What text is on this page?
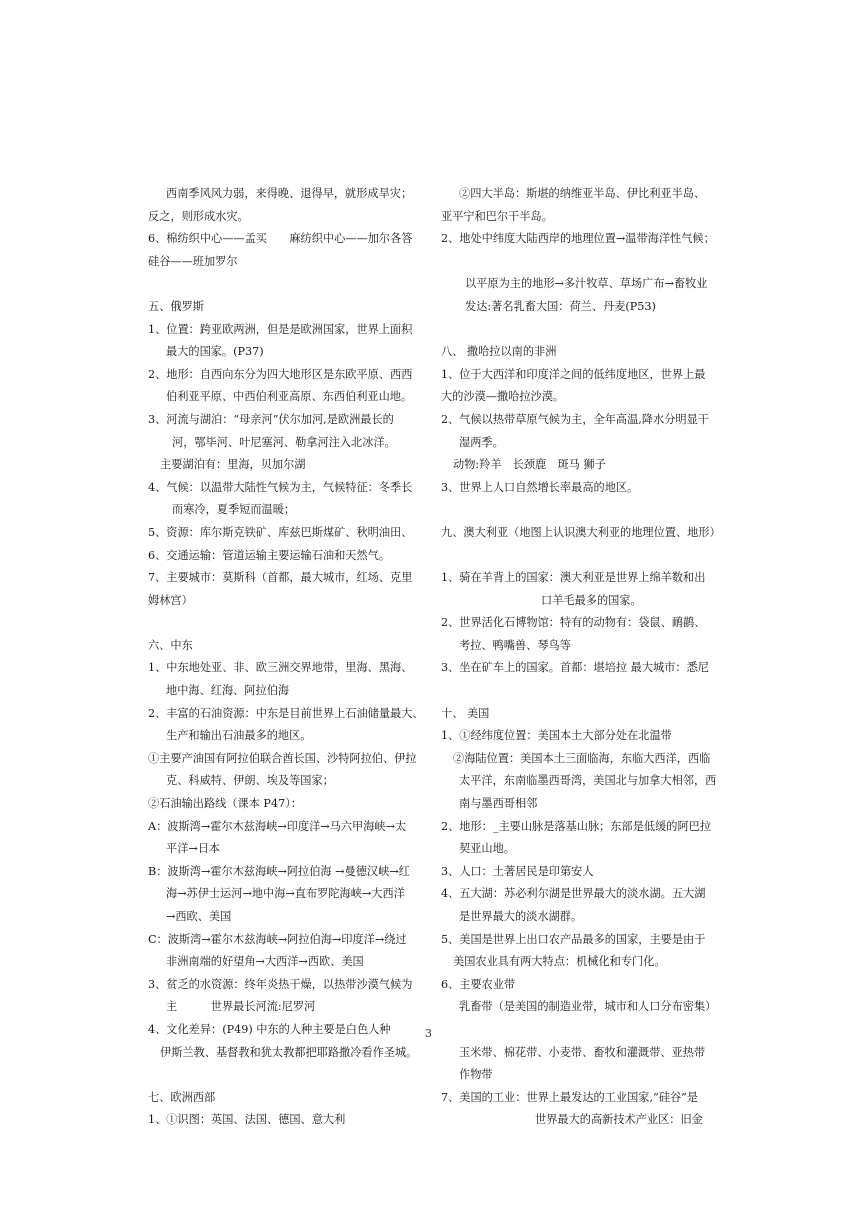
西南季风风力弱，来得晚、退得早，就形成旱灾；
反之，则形成水灾。
6、棉纺织中心——孟买　　麻纺织中心——加尔各答
硅谷——班加罗尔
五、俄罗斯
1、位置：跨亚欧两洲，但是是欧洲国家，世界上面积
最大的国家。(P37)
2、地形：自西向东分为四大地形区是东欧平原、西西
伯利亚平原、中西伯利亚高原、东西伯利亚山地。
3、河流与湖泊：“母亲河”伏尔加河,是欧洲最长的
河，鄂毕河、叶尼塞河、勒拿河注入北冰洋。
主要湖泊有：里海，贝加尔湖
4、气候：以温带大陆性气候为主，气候特征：冬季长
而寒冷，夏季短而温暖；
5、资源：库尔斯克铁矿、库兹巴斯煤矿、秋明油田、
6、交通运输：管道运输主要运输石油和天然气。
7、主要城市：莫斯科（首都，最大城市，红场、克里
姆林宫）
六、中东
1、中东地处亚、非、欧三洲交界地带，里海、黑海、
地中海、红海、阿拉伯海
2、丰富的石油资源：中东是目前世界上石油储量最大、
生产和输出石油最多的地区。
①主要产油国有阿拉伯联合酋长国、沙特阿拉伯、伊拉
克、科威特、伊朗、埃及等国家；
②石油输出路线（课本 P47）：
A：波斯湾→霍尔木兹海峡→印度洋→马六甲海峡→太
平洋→日本
B：波斯湾→霍尔木兹海峡→阿拉伯海 →曼德汉峡→红
海→苏伊士运河→地中海→直布罗陀海峡→大西洋
→西欧、美国
C：波斯湾→霍尔木兹海峡→阿拉伯海→印度洋→绕过
非洲南端的好望角→大西洋→西欧、美国
3、贫乏的水资源：终年炎热干燥，以热带沙漠气候为
主　　　世界最长河流:尼罗河
4、文化差异：(P49) 中东的人种主要是白色人种
伊斯兰教、基督教和犹太教都把耶路撒冷看作圣城。
七、欧洲西部
1、①识图：英国、法国、德国、意大利
②四大半岛：斯堪的纳维亚半岛、伊比利亚半岛、
亚平宁和巴尔干半岛。
2、地处中纬度大陆西岸的地理位置→温带海洋性气候；
以平原为主的地形→多汁牧草、草场广布→畜牧业
发达:著名乳畜大国：荷兰、丹麦(P53)
八、 撒哈拉以南的非洲
1、位于大西洋和印度洋之间的低纬度地区，世界上最
大的沙漠—撒哈拉沙漠。
2、气候以热带草原气候为主，全年高温,降水分明显干
湿两季。
动物:羚羊　长颈鹿　斑马 狮子
3、世界上人口自然增长率最高的地区。
九、澳大利亚（地图上认识澳大利亚的地理位置、地形）
1、骑在羊背上的国家：澳大利亚是世界上绵羊数和出
口羊毛最多的国家。
2、世界活化石博物馆：特有的动物有：袋鼠、鸸鹋、
考拉、鸭嘴兽、琴鸟等
3、坐在矿车上的国家。首都：堪培拉 最大城市：悉尼
十、 美国
1、①经纬度位置：美国本土大部分处在北温带
②海陆位置：美国本土三面临海，东临大西洋，西临
太平洋，东南临墨西哥湾，美国北与加拿大相邻，西
南与墨西哥相邻
2、地形：_主要山脉是落基山脉；东部是低缓的阿巴拉
契亚山地。
3、人口：土著居民是印第安人
4、五大湖：苏必利尔湖是世界最大的淡水湖。五大湖
是世界最大的淡水湖群。
5、美国是世界上出口农产品最多的国家，主要是由于
美国农业具有两大特点：机械化和专门化。
6、主要农业带
乳畜带（是美国的制造业带，城市和人口分布密集）
玉米带、棉花带、小麦带、畜牧和灌溉带、亚热带
作物带
7、美国的工业：世界上最发达的工业国家,“硅谷”是
世界最大的高新技术产业区：旧金
3
